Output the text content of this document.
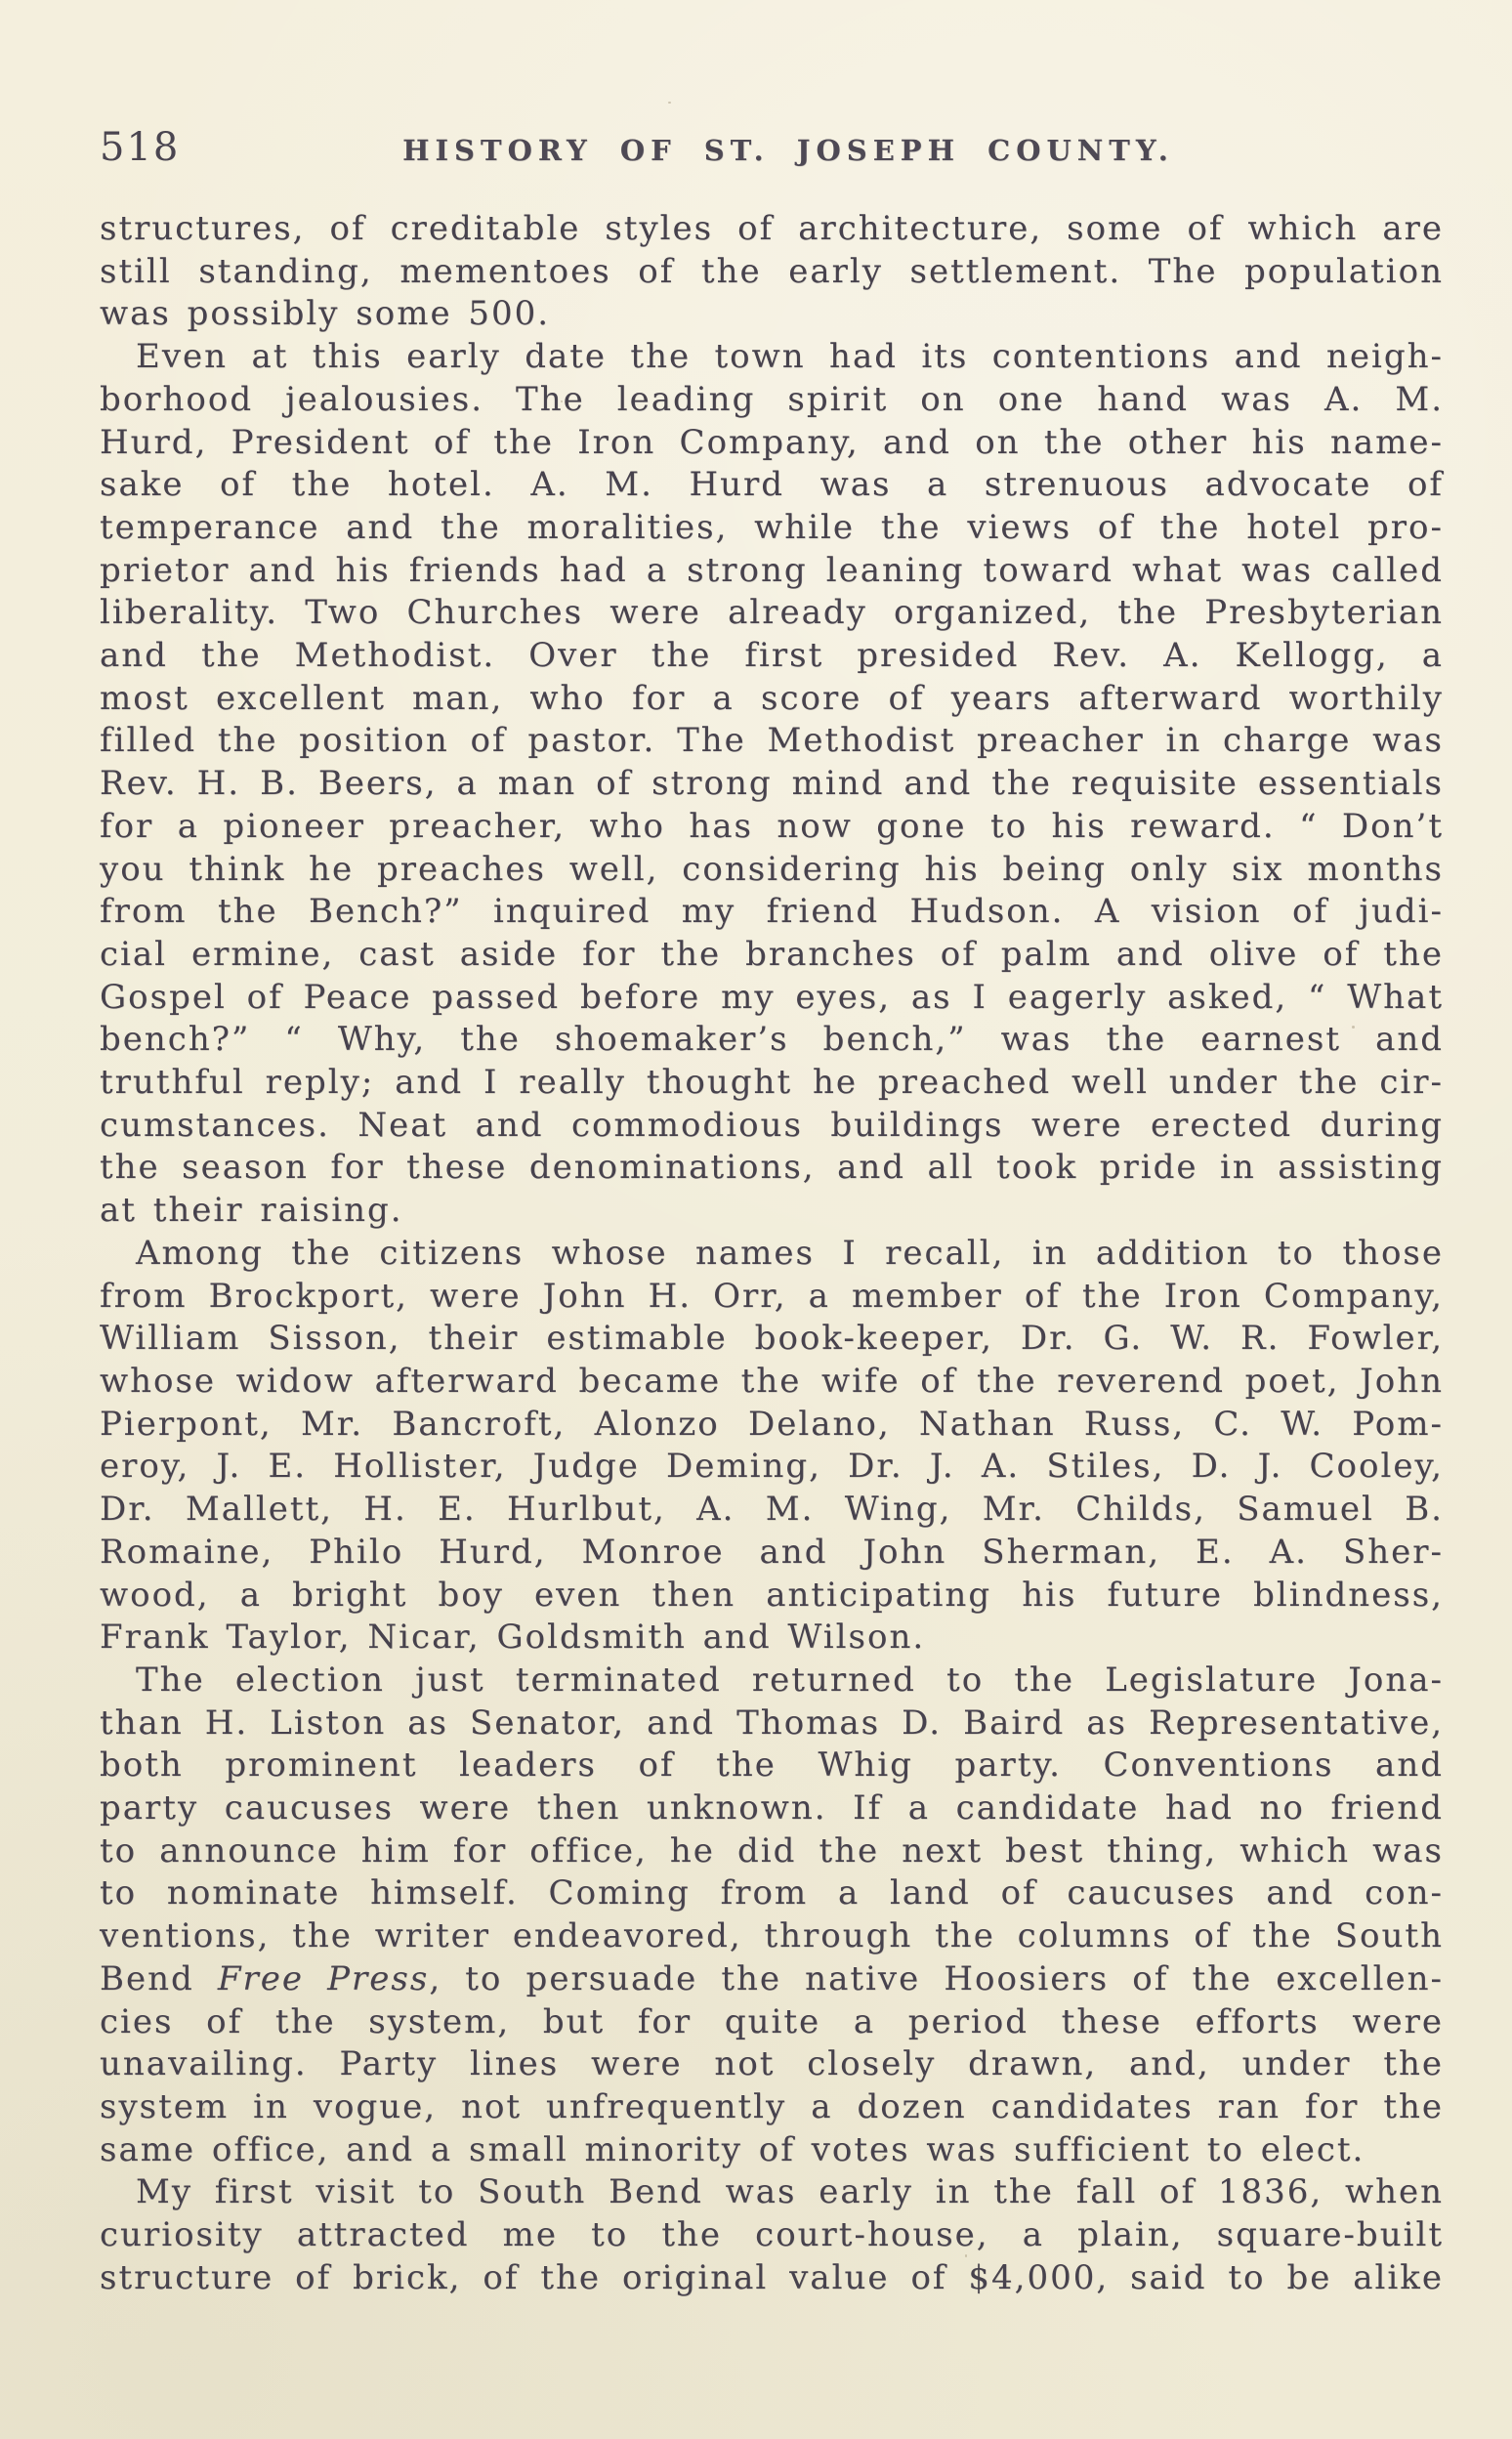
518	HISTORY OF ST. JOSEPH COUNTY.
structures, of creditable styles of architecture, some of which are
still standing, mementoes of the early settlement. The population
was possibly some 500.
Even at this early date the town had its contentions and neigh-
borhood jealousies. The leading spirit on one hand was A. M.
Hurd, President of the Iron Company, and on the other his name-
sake of the hotel. A. M. Hurd was a strenuous advocate of
temperance and the moralities, while the views of the hotel pro-
prietor and his friends had a strong leaning toward what was called
liberality. Two Churches were already organized, the Presbyterian
and the Methodist. Over the first presided Rev. A. Kellogg, a
most excellent man, who for a score of years afterward worthily
filled the position of pastor. The Methodist preacher in charge was
Rev. H. B. Beers, a man of strong mind and the requisite essentials
for a pioneer preacher, who has now gone to his reward. “ Don’t
you think he preaches well, considering his being only six months
from the Bench?” inquired my friend Hudson. A vision of judi-
cial ermine, cast aside for the branches of palm and olive of the
Gospel of Peace passed before my eyes, as I eagerly asked, “ What
bench?” “ Why, the shoemaker’s bench,” was the earnest and
truthful reply; and I really thought he preached well under the cir-
cumstances. Neat and commodious buildings were erected during
the season for these denominations, and all took pride in assisting
at their raising.
Among the citizens whose names I recall, in addition to those
from Brockport, were John H. Orr, a member of the Iron Company,
William Sisson, their estimable book-keeper, Dr. G. W. R. Fowler,
whose widow afterward became the wife of the reverend poet, John
Pierpont, Mr. Bancroft, Alonzo Delano, Nathan Russ, C. W. Pom-
eroy, J. E. Hollister, Judge Deming, Dr. J. A. Stiles, D. J. Cooley,
Dr. Mallett, H. E. Hurlbut, A. M. Wing, Mr. Childs, Samuel B.
Romaine, Philo Hurd, Monroe and John Sherman, E. A. Sher-
wood, a bright boy even then anticipating his future blindness,
Frank Taylor, Nicar, Goldsmith and Wilson.
The election just terminated returned to the Legislature Jona-
than H. Liston as Senator, and Thomas D. Baird as Representative,
both prominent leaders of the Whig party. Conventions and
party caucuses were then unknown. If a candidate had no friend
to announce him for office, he did the next best thing, which was
to nominate himself. Coming from a land of caucuses and con-
ventions, the writer endeavored, through the columns of the South
Bend Free Press, to persuade the native Hoosiers of the excellen-
cies of the system, but for quite a period these efforts were
unavailing. Party lines were not closely drawn, and, under the
system in vogue, not unfrequently a dozen candidates ran for the
same office, and a small minority of votes was sufficient to elect.
My first visit to South Bend was early in the fall of 1836, when
curiosity attracted me to the court-house, a plain, square-built
structure of brick, of the original value of $4,000, said to be alike
